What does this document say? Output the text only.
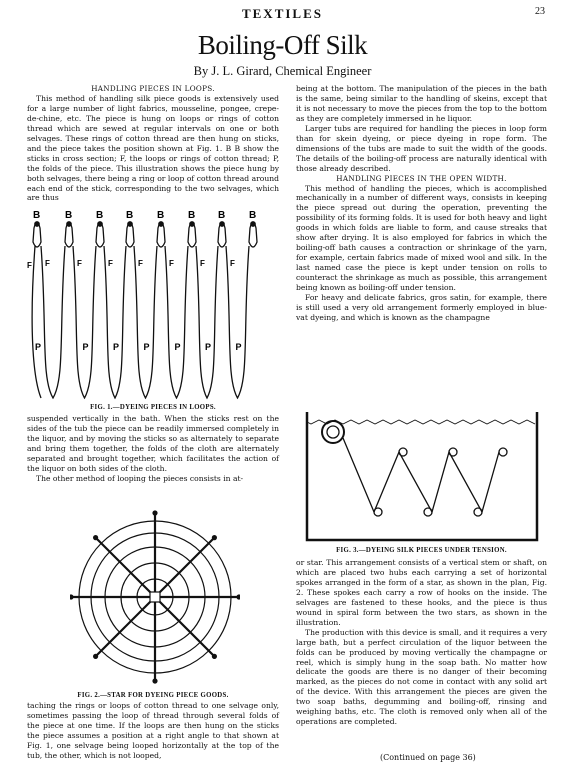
TEXTILES	23
Boiling-Off Silk
By J. L. Girard, Chemical Engineer

HANDLING PIECES IN LOOPS.

This method of handling silk piece goods is extensively used for a large number of light fabrics, mousseline, pongee, crepe-de-chine, etc. The piece is hung on loops or rings of cotton thread which are sewed at regular intervals on one or both selvages. These rings of cotton thread are then hung on sticks, and the piece takes the position shown at Fig. 1. B B show the sticks in cross section; F, the loops or rings of cotton thread; P, the folds of the piece. This illustration shows the piece hung by both selvages, there being a ring or loop of cotton thread around each end of the stick, corresponding to the two selvages, which are thus

B B B B B B B B
F	F
P
F
P
F
P
F
P
F
P
F
P
F
P
FIG. 1.—DYEING PIECES IN LOOPS.

suspended vertically in the bath. When the sticks rest on the sides of the tub the piece can be readily immersed completely in the liquor, and by moving the sticks so as alternately to separate and bring them together, the folds of the cloth are alternately separated and brought together, which facilitates the action of the liquor on both sides of the cloth.

The other method of looping the pieces consists in at-

FIG. 2.—STAR FOR DYEING PIECE GOODS.

taching the rings or loops of cotton thread to one selvage only, sometimes passing the loop of thread through several folds of the piece at one time. If the loops are then hung on the sticks the piece assumes a position at a right angle to that shown at Fig. 1, one selvage being looped horizontally at the top of the tub, the other, which is not looped,

being at the bottom. The manipulation of the pieces in the bath is the same, being similar to the handling of skeins, except that it is not necessary to move the pieces from the top to the bottom as they are completely immersed in he liquor.

Larger tubs are required for handling the pieces in loop form than for skein dyeing, or piece dyeing in rope form. The dimensions of the tubs are made to suit the width of the goods. The details of the boiling-off process are naturally identical with those already described.

HANDLING PIECES IN THE OPEN WIDTH.

This method of handling the pieces, which is accomplished mechanically in a number of different ways, consists in keeping the piece spread out during the operation, preventing the possibility of its forming folds. It is used for both heavy and light goods in which folds are liable to form, and cause streaks that show after drying. It is also employed for fabrics in which the boiling-off bath causes a contraction or shrinkage of the yarn, for example, certain fabrics made of mixed wool and silk. In the last named case the piece is kept under tension on rolls to counteract the shrinkage as much as possible, this arrangement being known as boiling-off under tension.

For heavy and delicate fabrics, gros satin, for example, there is still used a very old arrangement formerly employed in blue-vat dyeing, and which is known as the champagne

FIG. 3.—DYEING SILK PIECES UNDER TENSION.

or star. This arrangement consists of a vertical stem or shaft, on which are placed two hubs each carrying a set of horizontal spokes arranged in the form of a star, as shown in the plan, Fig. 2. These spokes each carry a row of hooks on the inside. The selvages are fastened to these hooks, and the piece is thus wound in spiral form between the two stars, as shown in the illustration.

The production with this device is small, and it requires a very large bath, but a perfect circulation of the liquor between the folds can be produced by moving vertically the champagne or reel, which is simply hung in the soap bath. No matter how delicate the goods are there is no danger of their becoming marked, as the pieces do not come in contact with any solid art of the device. With this arrangement the pieces are given the two soap baths, degumming and boiling-off, rinsing and weighing baths, etc. The cloth is removed only when all of the operations are completed.

(Continued on page 36)
